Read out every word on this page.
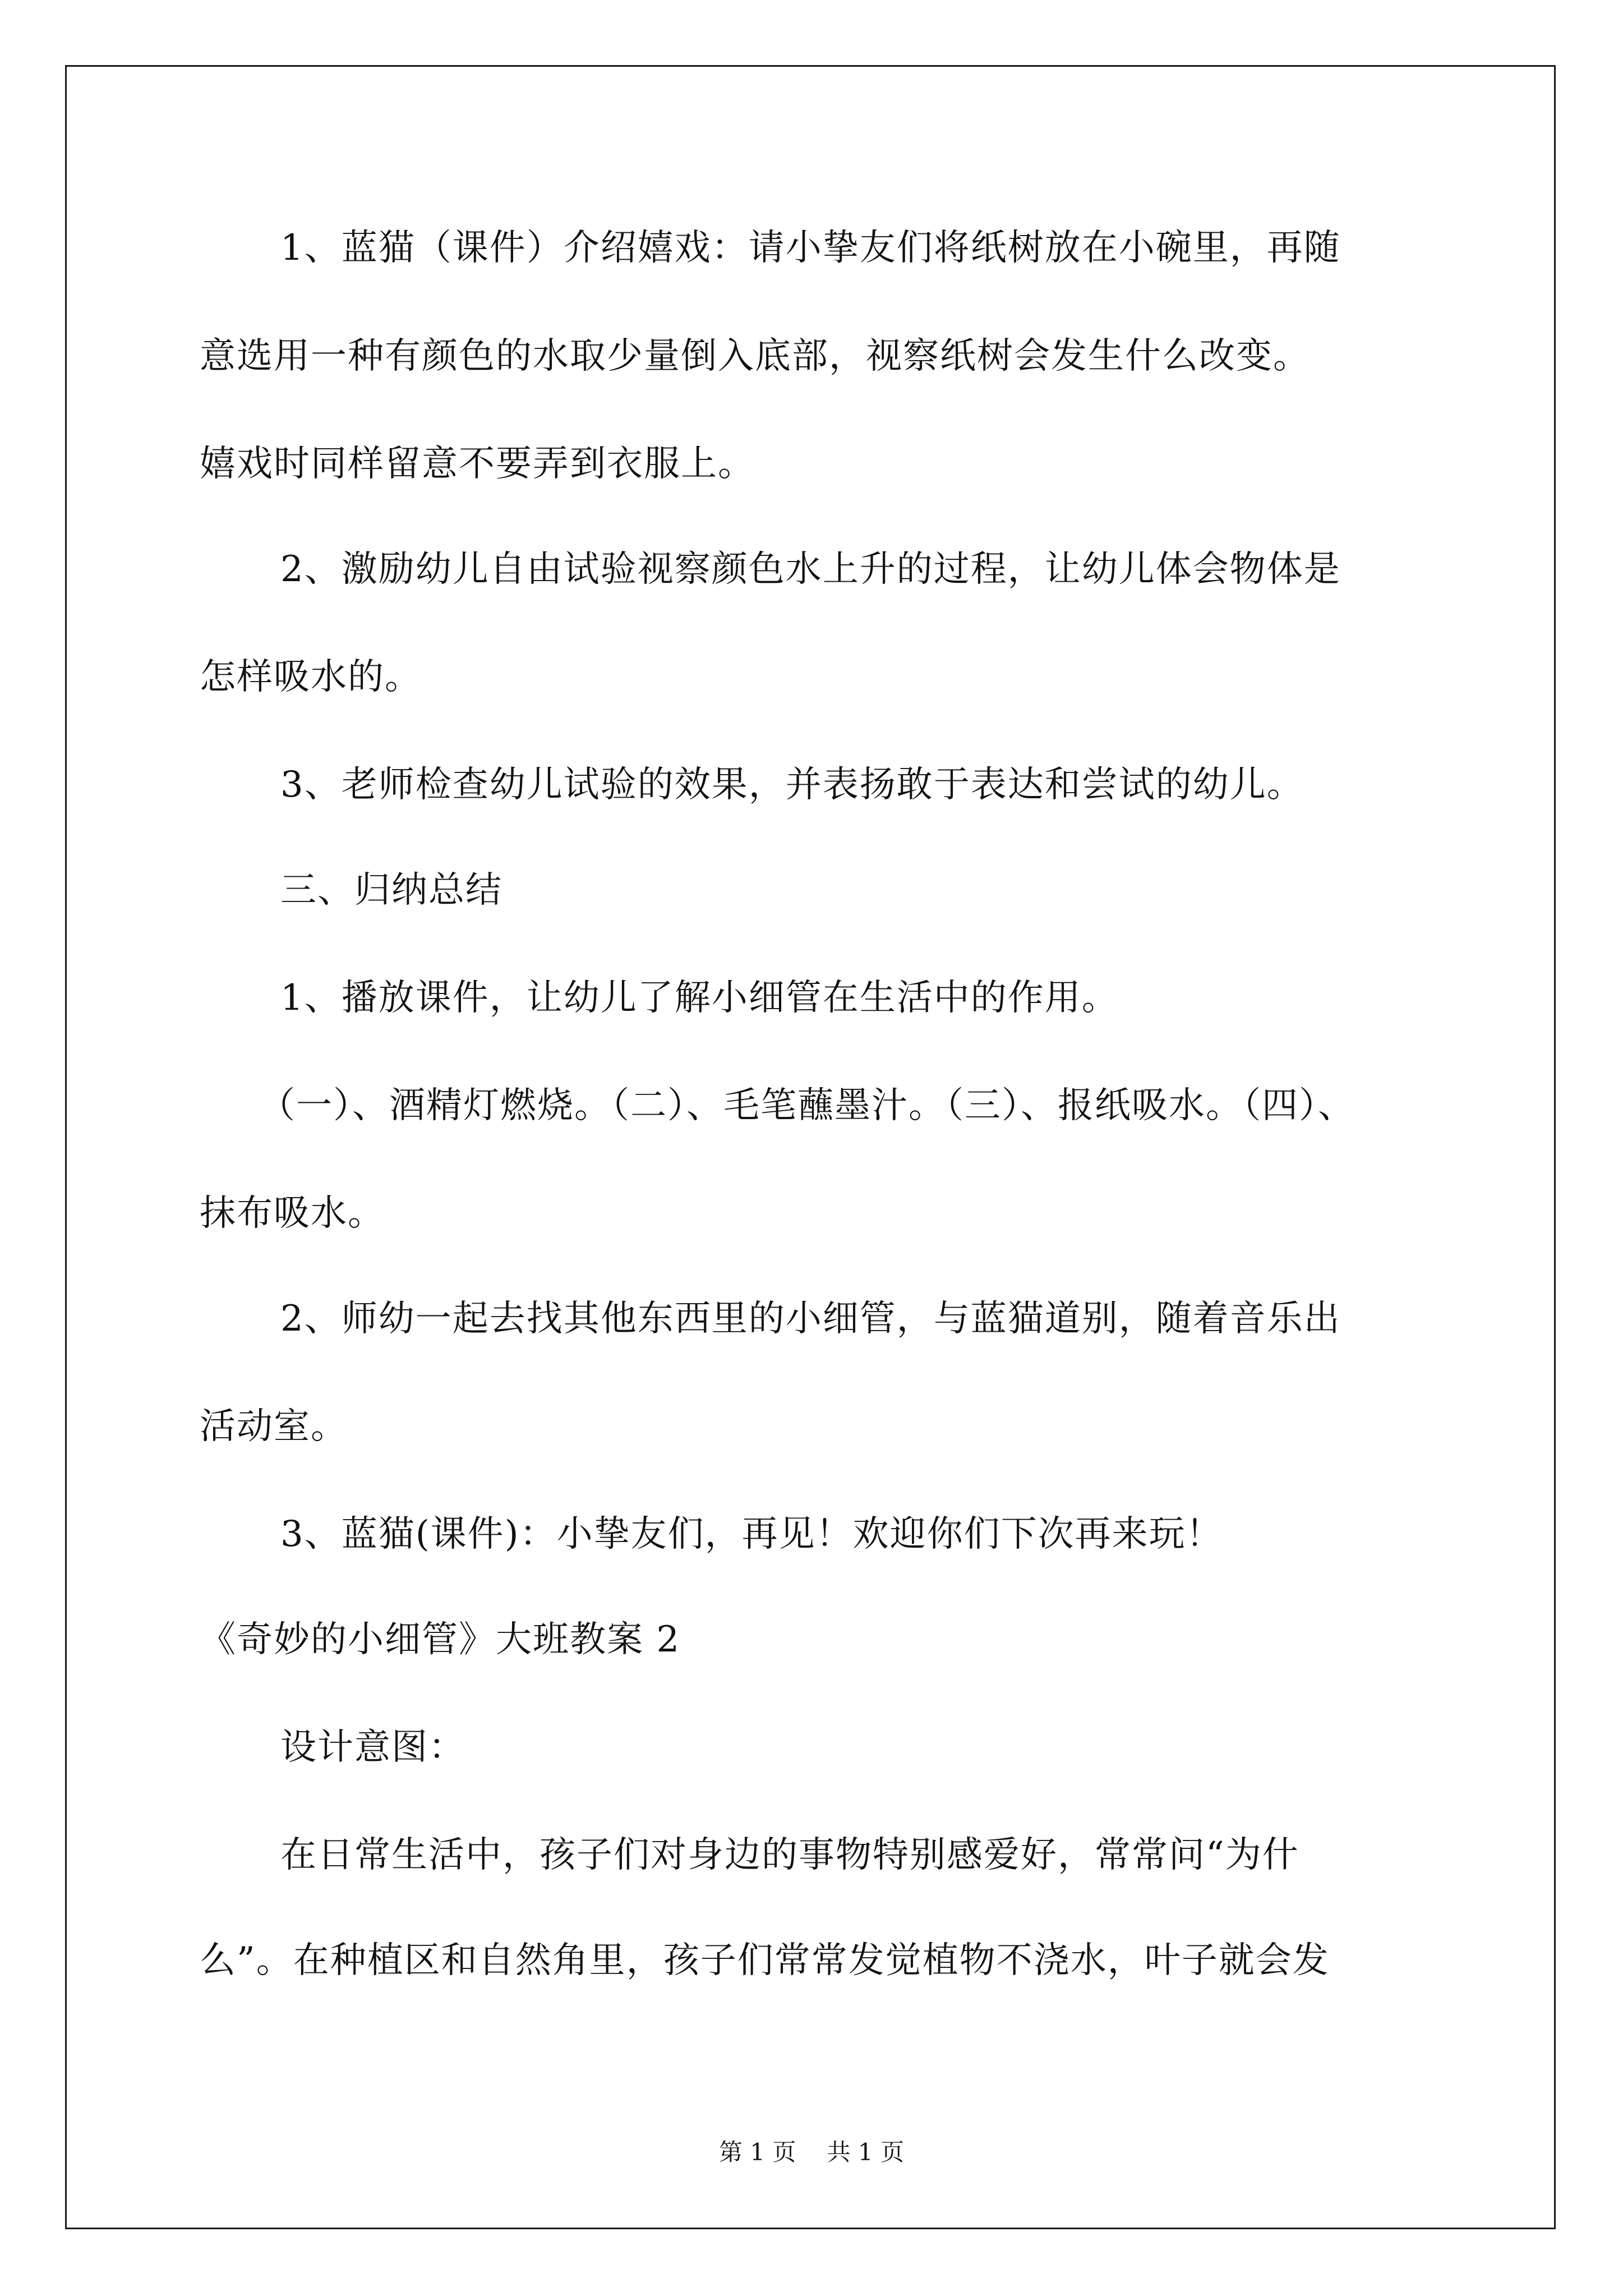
1、蓝猫（课件）介绍嬉戏：请小挚友们将纸树放在小碗里，再随
意选用一种有颜色的水取少量倒入底部，视察纸树会发生什么改变。
嬉戏时同样留意不要弄到衣服上。
2、激励幼儿自由试验视察颜色水上升的过程，让幼儿体会物体是
怎样吸水的。
3、老师检查幼儿试验的效果，并表扬敢于表达和尝试的幼儿。
三、归纳总结
1、播放课件，让幼儿了解小细管在生活中的作用。
（一）、酒精灯燃烧。（二）、毛笔蘸墨汁。（三）、报纸吸水。（四）、
抹布吸水。
2、师幼一起去找其他东西里的小细管，与蓝猫道别，随着音乐出
活动室。
3、蓝猫(课件)：小挚友们，再见！欢迎你们下次再来玩！
《奇妙的小细管》大班教案 2
设计意图：
在日常生活中，孩子们对身边的事物特别感爱好，常常问“为什
么”。在种植区和自然角里，孩子们常常发觉植物不浇水，叶子就会发
第 1 页　 共 1 页
